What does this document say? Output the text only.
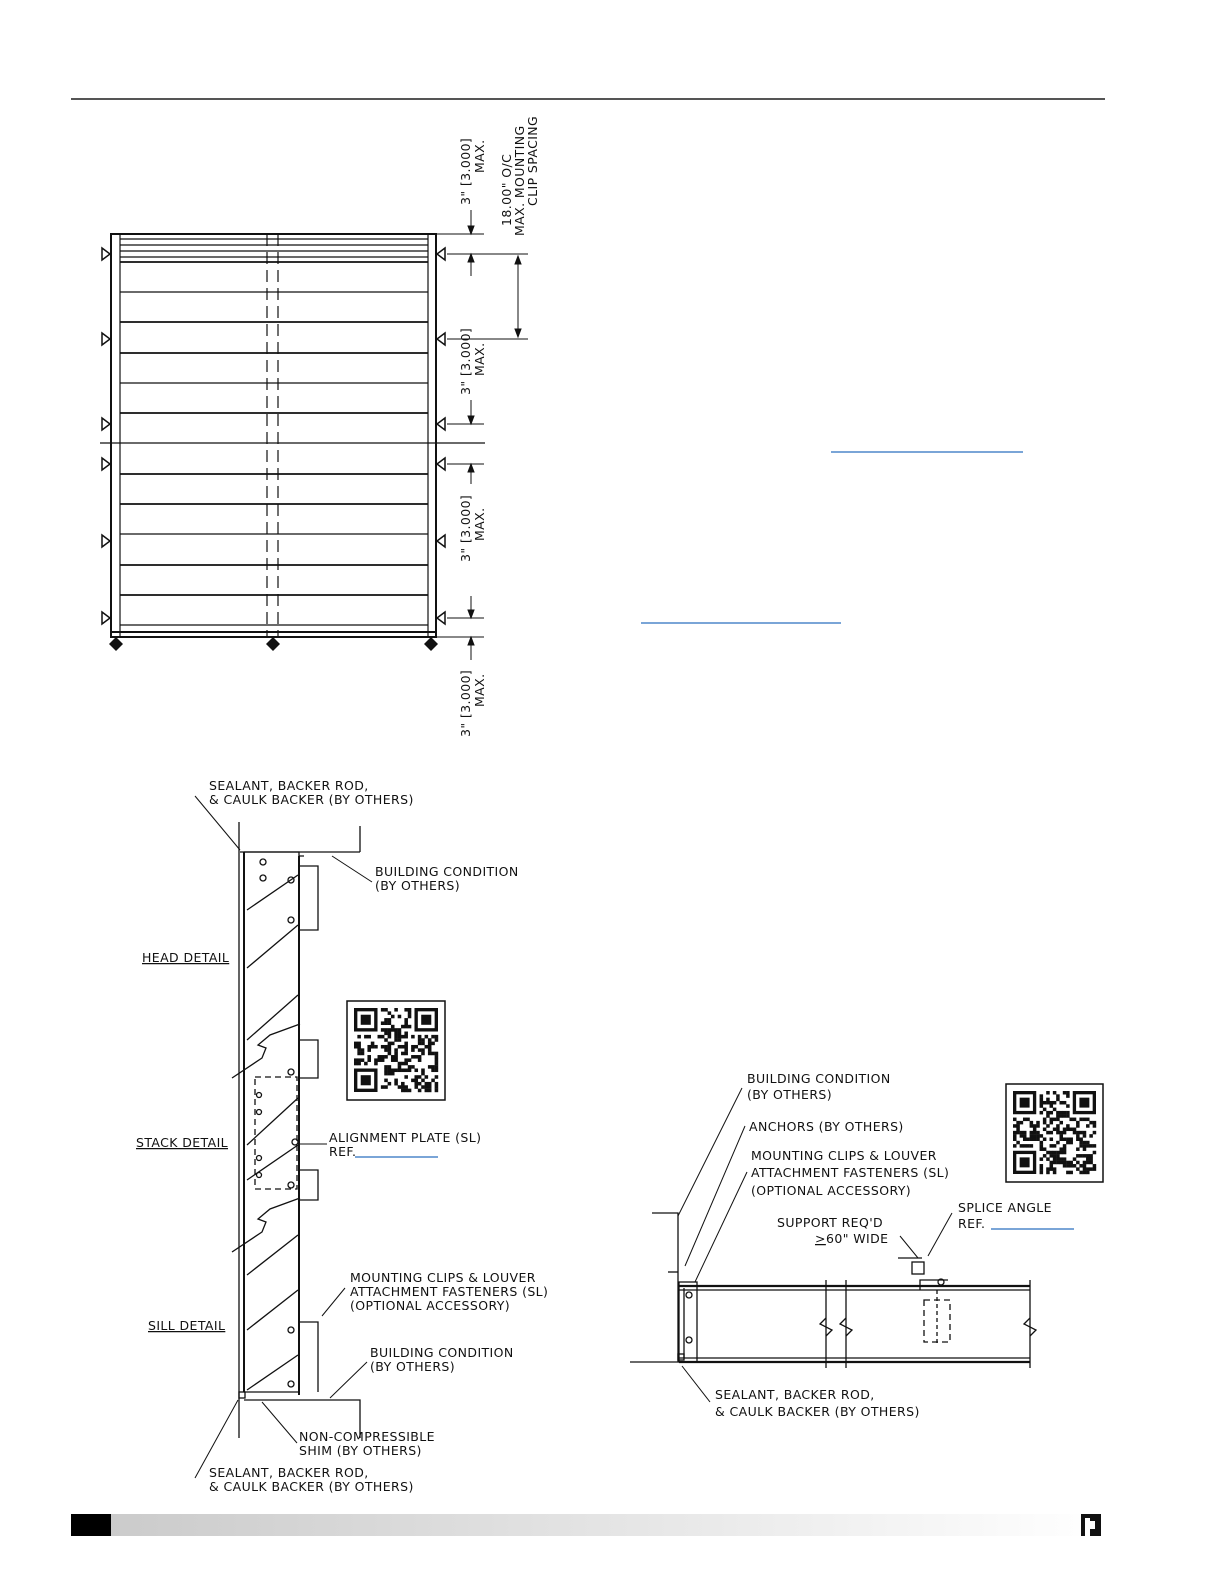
3" [3.000] MAX. 18.00" O/C
MAX. MOUNTING
CLIP SPACING
3" [3.000] MAX.
3" [3.000] MAX.
3" [3.000] MAX.
SEALANT, BACKER ROD,
& CAULK BACKER (BY OTHERS)
BUILDING CONDITION
(BY OTHERS)
HEAD DETAIL
STACK DETAIL
SILL DETAIL
ALIGNMENT PLATE (SL)
REF.
MOUNTING CLIPS & LOUVER
ATTACHMENT FASTENERS (SL)
(OPTIONAL ACCESSORY)
BUILDING CONDITION
(BY OTHERS)
NON-COMPRESSIBLE
SHIM (BY OTHERS)
SEALANT, BACKER ROD,
& CAULK BACKER (BY OTHERS)
BUILDING CONDITION
(BY OTHERS)
ANCHORS (BY OTHERS)
MOUNTING CLIPS & LOUVER
ATTACHMENT FASTENERS (SL)
(OPTIONAL ACCESSORY)
SPLICE ANGLE
REF.
SUPPORT REQ'D
> 60" WIDE
SEALANT, BACKER ROD,
& CAULK BACKER (BY OTHERS)
